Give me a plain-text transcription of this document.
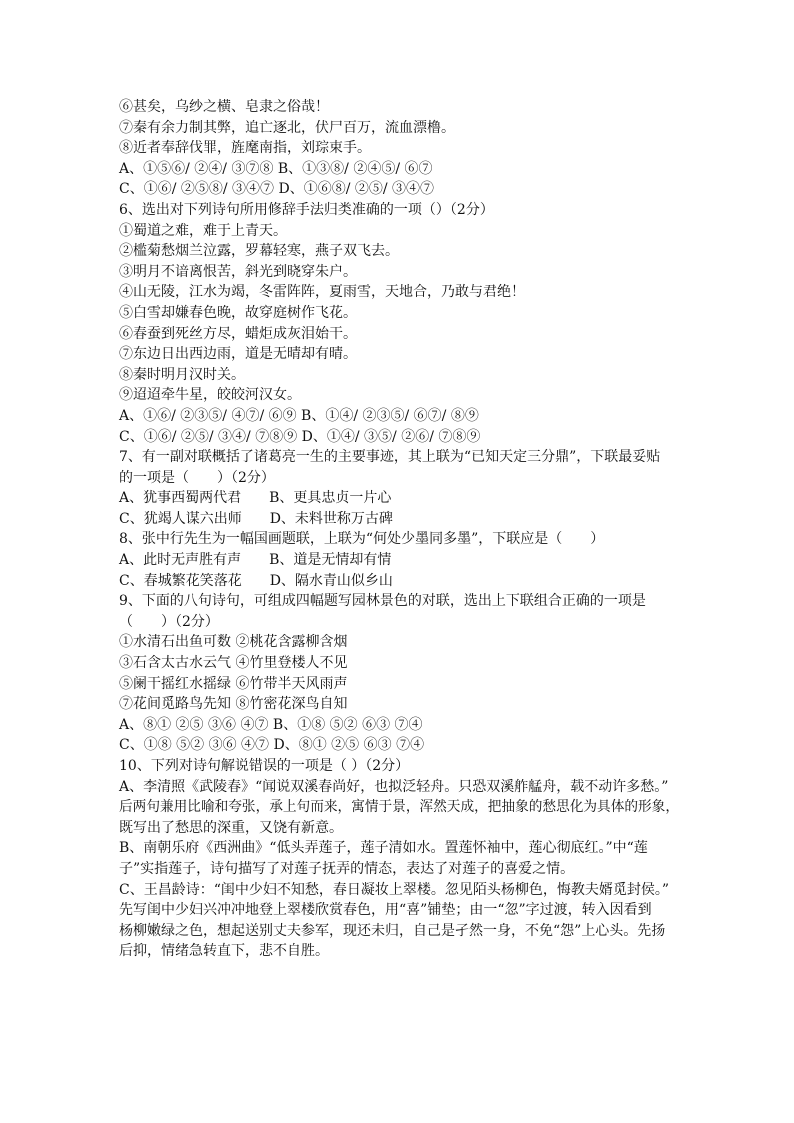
⑥甚矣，乌纱之横、皂隶之俗哉！
⑦秦有余力制其弊，追亡逐北，伏尸百万，流血漂橹。
⑧近者奉辞伐罪，旌麾南指，刘琮束手。
A、①⑤⑥/ ②④/ ③⑦⑧ B、①③⑧/ ②④⑤/ ⑥⑦
C、①⑥/ ②⑤⑧/ ③④⑦ D、①⑥⑧/ ②⑤/ ③④⑦
6、选出对下列诗句所用修辞手法归类准确的一项（）（2分）
①蜀道之难，难于上青天。
②槛菊愁烟兰泣露，罗幕轻寒，燕子双飞去。
③明月不谙离恨苦，斜光到晓穿朱户。
④山无陵，江水为竭，冬雷阵阵，夏雨雪，天地合，乃敢与君绝！
⑤白雪却嫌春色晚，故穿庭树作飞花。
⑥春蚕到死丝方尽，蜡炬成灰泪始干。
⑦东边日出西边雨，道是无晴却有晴。
⑧秦时明月汉时关。
⑨迢迢牵牛星，皎皎河汉女。
A、①⑥/ ②③⑤/ ④⑦/ ⑥⑨ B、①④/ ②③⑤/ ⑥⑦/ ⑧⑨
C、①⑥/ ②⑤/ ③④/ ⑦⑧⑨ D、①④/ ③⑤/ ②⑥/ ⑦⑧⑨
7、有一副对联概括了诸葛亮一生的主要事迹，其上联为“已知天定三分鼎”，下联最妥贴
的一项是（　　）（2分）
A、犹事西蜀两代君　　B、更具忠贞一片心
C、犹竭人谋六出师　　D、未料世称万古碑
8、张中行先生为一幅国画题联，上联为“何处少墨同多墨”，下联应是（　　）
A、此时无声胜有声　　B、道是无情却有情
C、春城繁花笑落花　　D、隔水青山似乡山
9、下面的八句诗句，可组成四幅题写园林景色的对联，选出上下联组合正确的一项是
（　　）（2分）
①水清石出鱼可数 ②桃花含露柳含烟
③石含太古水云气 ④竹里登楼人不见
⑤阑干摇红水摇绿 ⑥竹带半天风雨声
⑦花间觅路鸟先知 ⑧竹密花深鸟自知
A、⑧① ②⑤ ③⑥ ④⑦ B、①⑧ ⑤② ⑥③ ⑦④
C、①⑧ ⑤② ③⑥ ④⑦ D、⑧① ②⑤ ⑥③ ⑦④
10、下列对诗句解说错误的一项是（ ）（2分）
A、李清照《武陵春》“闻说双溪春尚好，也拟泛轻舟。只恐双溪舴艋舟，载不动许多愁。”
后两句兼用比喻和夸张，承上句而来，寓情于景，浑然天成，把抽象的愁思化为具体的形象，
既写出了愁思的深重，又饶有新意。
B、南朝乐府《西洲曲》“低头弄莲子，莲子清如水。置莲怀袖中，莲心彻底红。”中“莲
子”实指莲子，诗句描写了对莲子抚弄的情态，表达了对莲子的喜爱之情。
C、王昌龄诗：“闺中少妇不知愁，春日凝妆上翠楼。忽见陌头杨柳色，悔教夫婿觅封侯。”
先写闺中少妇兴冲冲地登上翠楼欣赏春色，用“喜”铺垫；由一“忽”字过渡，转入因看到
杨柳嫩绿之色，想起送别丈夫参军，现还未归，自己是孑然一身，不免“怨”上心头。先扬
后抑，情绪急转直下，悲不自胜。
